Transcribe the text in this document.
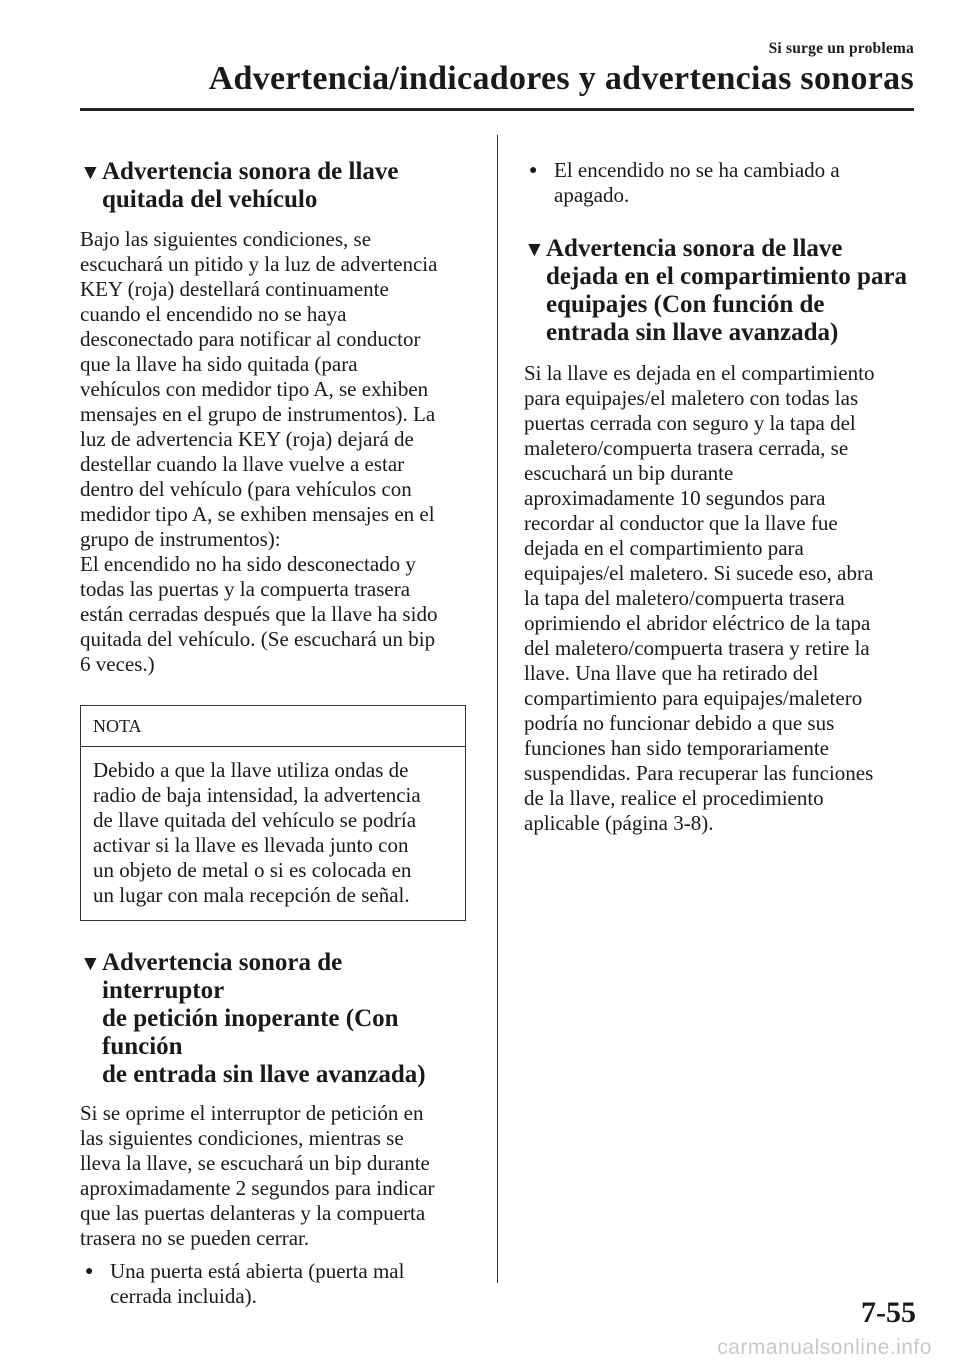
Si surge un problema
Advertencia/indicadores y advertencias sonoras
▼ Advertencia sonora de llave
quitada del vehículo
Bajo las siguientes condiciones, se
escuchará un pitido y la luz de advertencia
KEY (roja) destellará continuamente
cuando el encendido no se haya
desconectado para notificar al conductor
que la llave ha sido quitada (para
vehículos con medidor tipo A, se exhiben
mensajes en el grupo de instrumentos). La
luz de advertencia KEY (roja) dejará de
destellar cuando la llave vuelve a estar
dentro del vehículo (para vehículos con
medidor tipo A, se exhiben mensajes en el
grupo de instrumentos):
El encendido no ha sido desconectado y
todas las puertas y la compuerta trasera
están cerradas después que la llave ha sido
quitada del vehículo. (Se escuchará un bip
6 veces.)
NOTA
Debido a que la llave utiliza ondas de
radio de baja intensidad, la advertencia
de llave quitada del vehículo se podría
activar si la llave es llevada junto con
un objeto de metal o si es colocada en
un lugar con mala recepción de señal.
▼ Advertencia sonora de interruptor
de petición inoperante (Con función
de entrada sin llave avanzada)
Si se oprime el interruptor de petición en
las siguientes condiciones, mientras se
lleva la llave, se escuchará un bip durante
aproximadamente 2 segundos para indicar
que las puertas delanteras y la compuerta
trasera no se pueden cerrar.
● Una puerta está abierta (puerta mal
cerrada incluida).
● El encendido no se ha cambiado a
apagado.
▼ Advertencia sonora de llave
dejada en el compartimiento para
equipajes (Con función de
entrada sin llave avanzada)
Si la llave es dejada en el compartimiento
para equipajes/el maletero con todas las
puertas cerrada con seguro y la tapa del
maletero/compuerta trasera cerrada, se
escuchará un bip durante
aproximadamente 10 segundos para
recordar al conductor que la llave fue
dejada en el compartimiento para
equipajes/el maletero. Si sucede eso, abra
la tapa del maletero/compuerta trasera
oprimiendo el abridor eléctrico de la tapa
del maletero/compuerta trasera y retire la
llave. Una llave que ha retirado del
compartimiento para equipajes/maletero
podría no funcionar debido a que sus
funciones han sido temporariamente
suspendidas. Para recuperar las funciones
de la llave, realice el procedimiento
aplicable (página 3-8).
7-55
carmanualsonline.info
